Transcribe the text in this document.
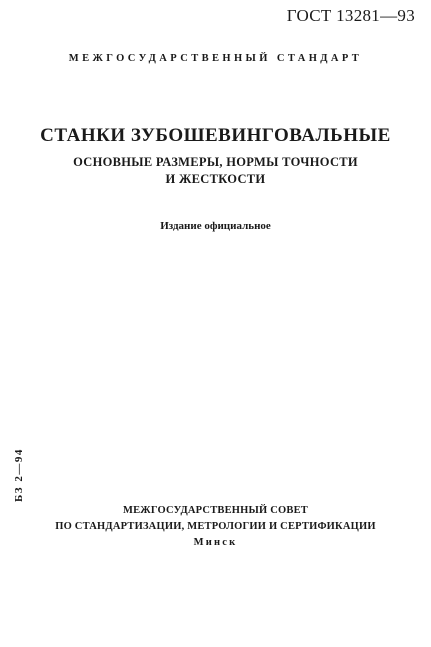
ГОСТ 13281—93
МЕЖГОСУДАРСТВЕННЫЙ СТАНДАРТ
СТАНКИ ЗУБОШЕВИНГОВАЛЬНЫЕ
ОСНОВНЫЕ РАЗМЕРЫ, НОРМЫ ТОЧНОСТИ
И ЖЕСТКОСТИ
Издание официальное
БЗ 2—94
МЕЖГОСУДАРСТВЕННЫЙ СОВЕТ
ПО СТАНДАРТИЗАЦИИ, МЕТРОЛОГИИ И СЕРТИФИКАЦИИ
Минск
